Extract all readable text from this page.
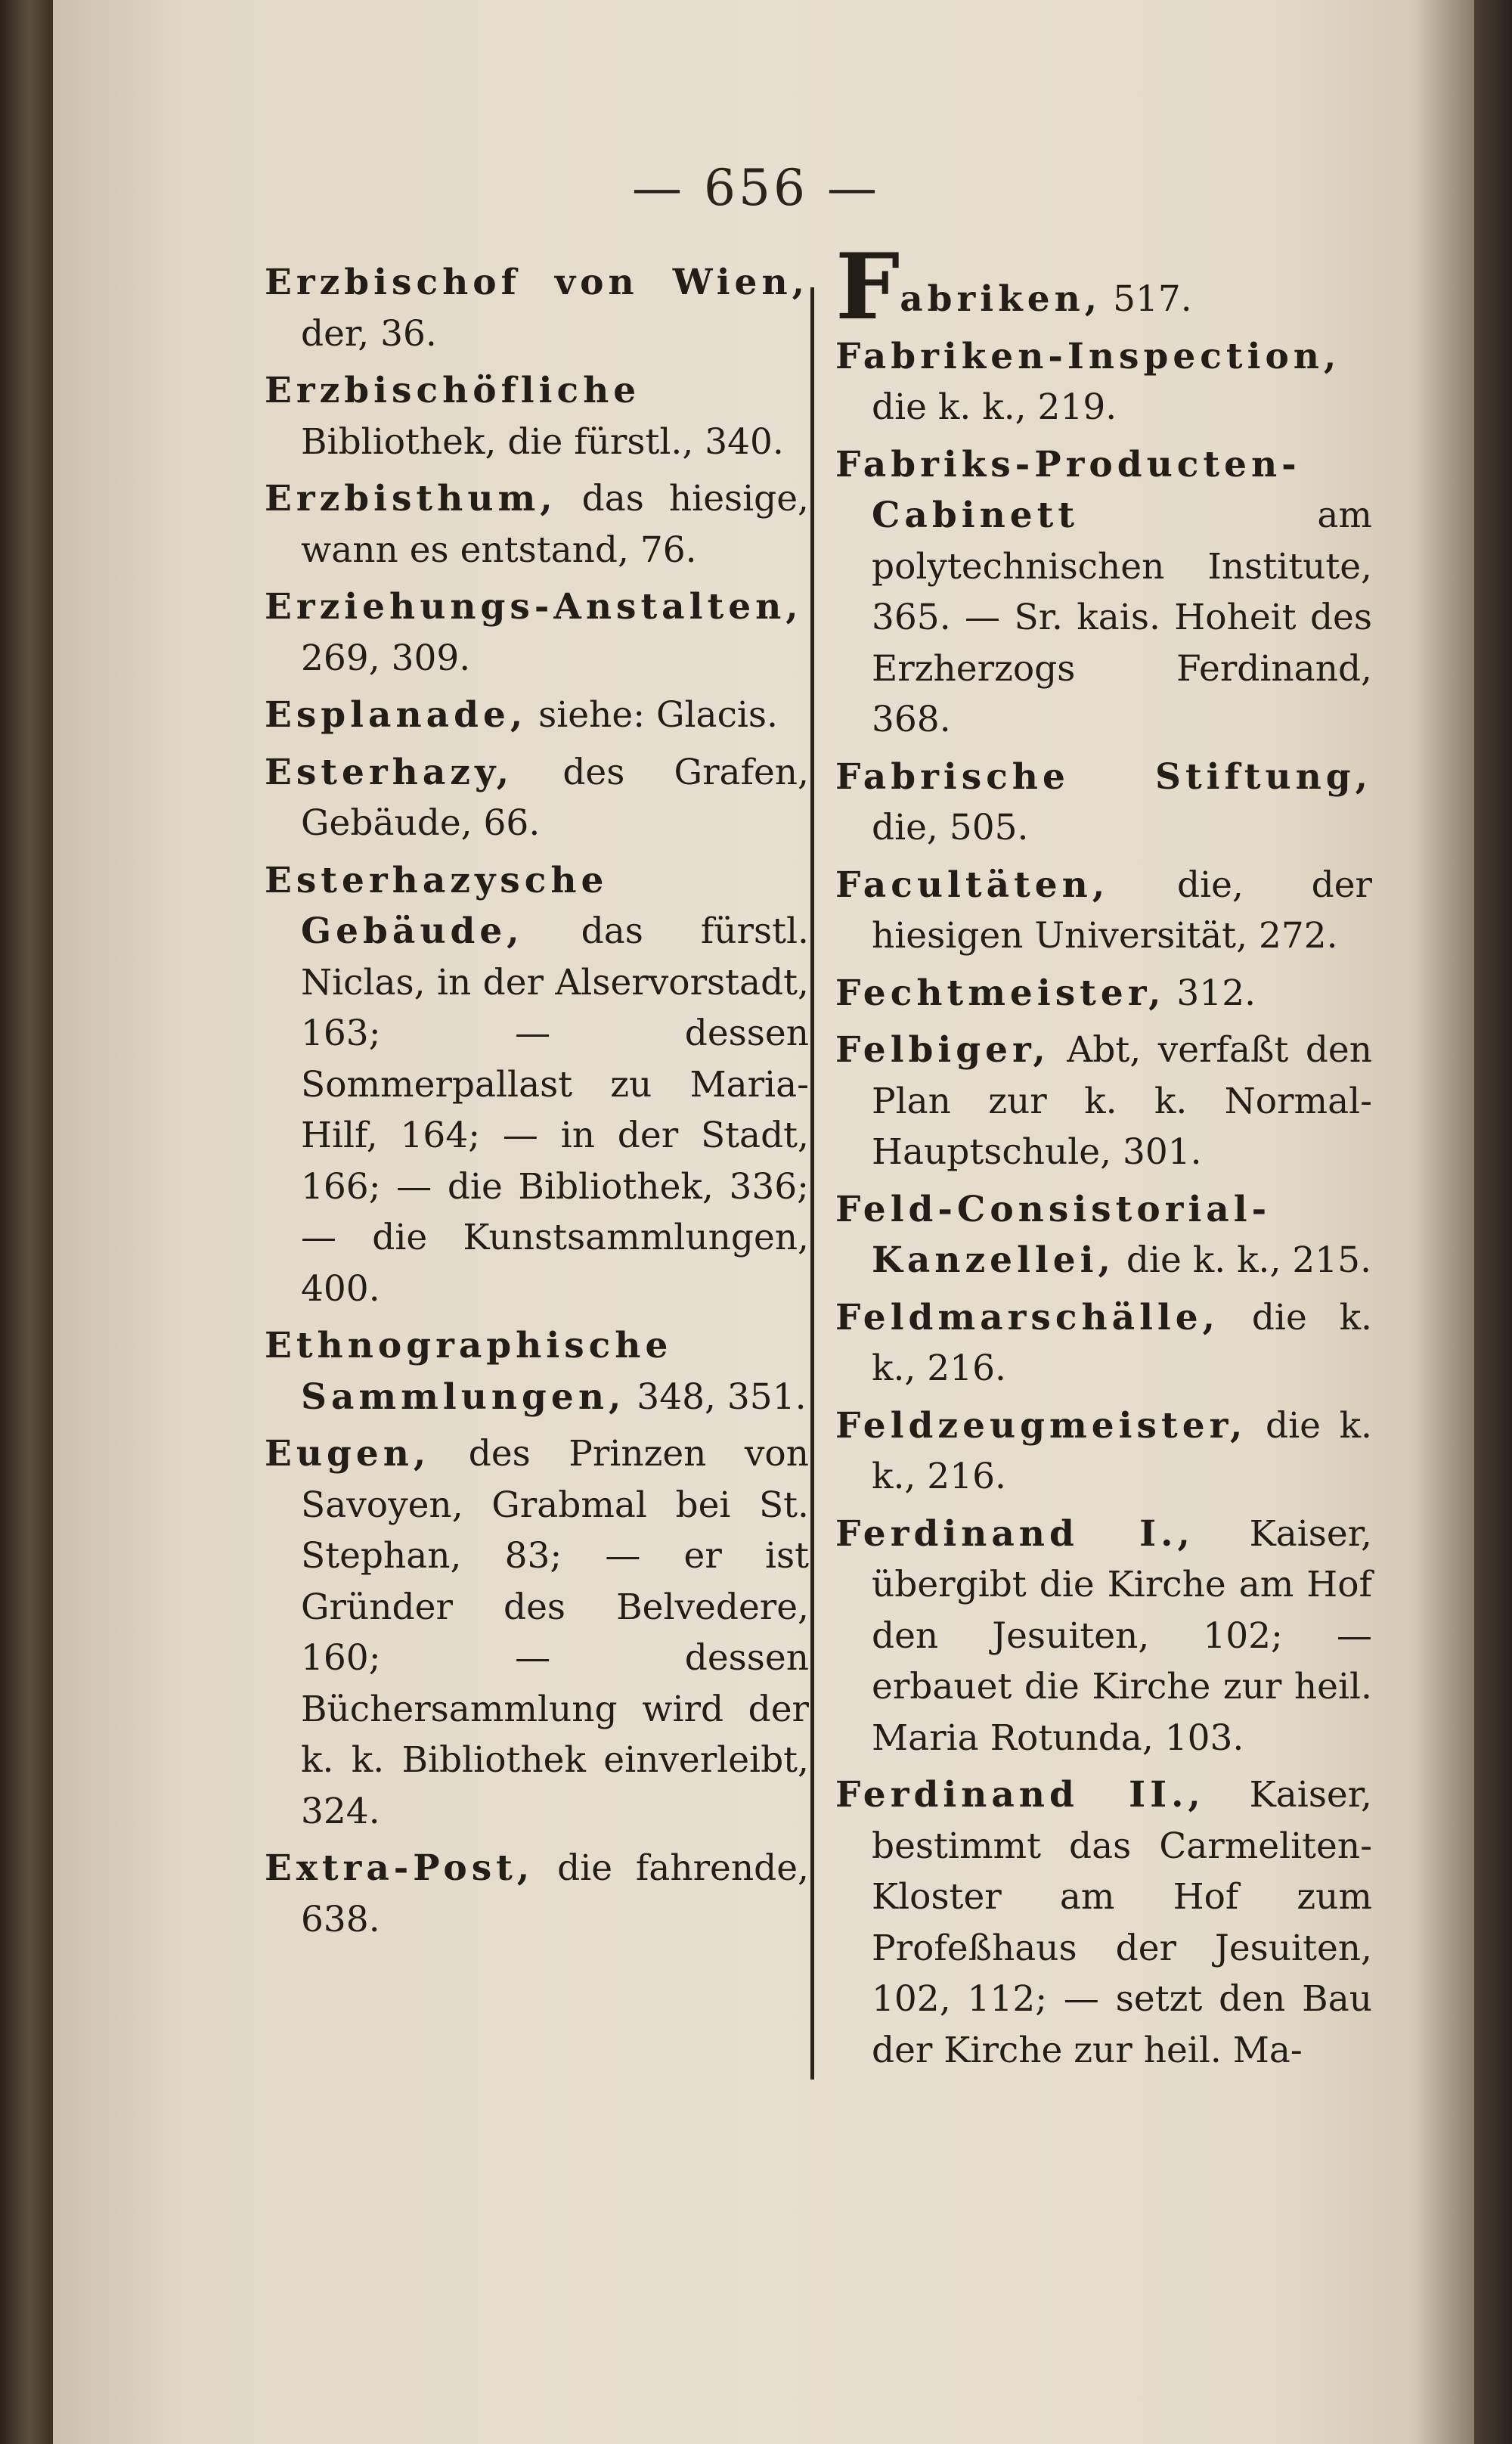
— 656 —

Erzbischof von Wien, der, 36.

Erzbischöfliche Bibliothek, die fürstl., 340.

Erzbisthum, das hiesige, wann es entstand, 76.

Erziehungs-Anstalten, 269, 309.

Esplanade, siehe: Glacis.

Esterhazy, des Grafen, Gebäude, 66.

Esterhazysche Gebäude, das fürstl. Niclas, in der Alservorstadt, 163; — dessen Sommerpallast zu Maria-Hilf, 164; — in der Stadt, 166; — die Bibliothek, 336; — die Kunstsammlungen, 400.

Ethnographische Sammlungen, 348, 351.

Eugen, des Prinzen von Savoyen, Grabmal bei St. Stephan, 83; — er ist Gründer des Belvedere, 160; — dessen Büchersammlung wird der k. k. Bibliothek einverleibt, 324.

Extra-Post, die fahrende, 638.

Fabriken, 517.

Fabriken-Inspection, die k. k., 219.

Fabriks-Producten-Cabinett am polytechnischen Institute, 365. — Sr. kais. Hoheit des Erzherzogs Ferdinand, 368.

Fabrische Stiftung, die, 505.

Facultäten, die, der hiesigen Universität, 272.

Fechtmeister, 312.

Felbiger, Abt, verfaßt den Plan zur k. k. Normal-Hauptschule, 301.

Feld-Consistorial-Kanzellei, die k. k., 215.

Feldmarschälle, die k. k., 216.

Feldzeugmeister, die k. k., 216.

Ferdinand I., Kaiser, übergibt die Kirche am Hof den Jesuiten, 102; — erbauet die Kirche zur heil. Maria Rotunda, 103.

Ferdinand II., Kaiser, bestimmt das Carmeliten-Kloster am Hof zum Profeßhaus der Jesuiten, 102, 112; — setzt den Bau der Kirche zur heil. Ma-
